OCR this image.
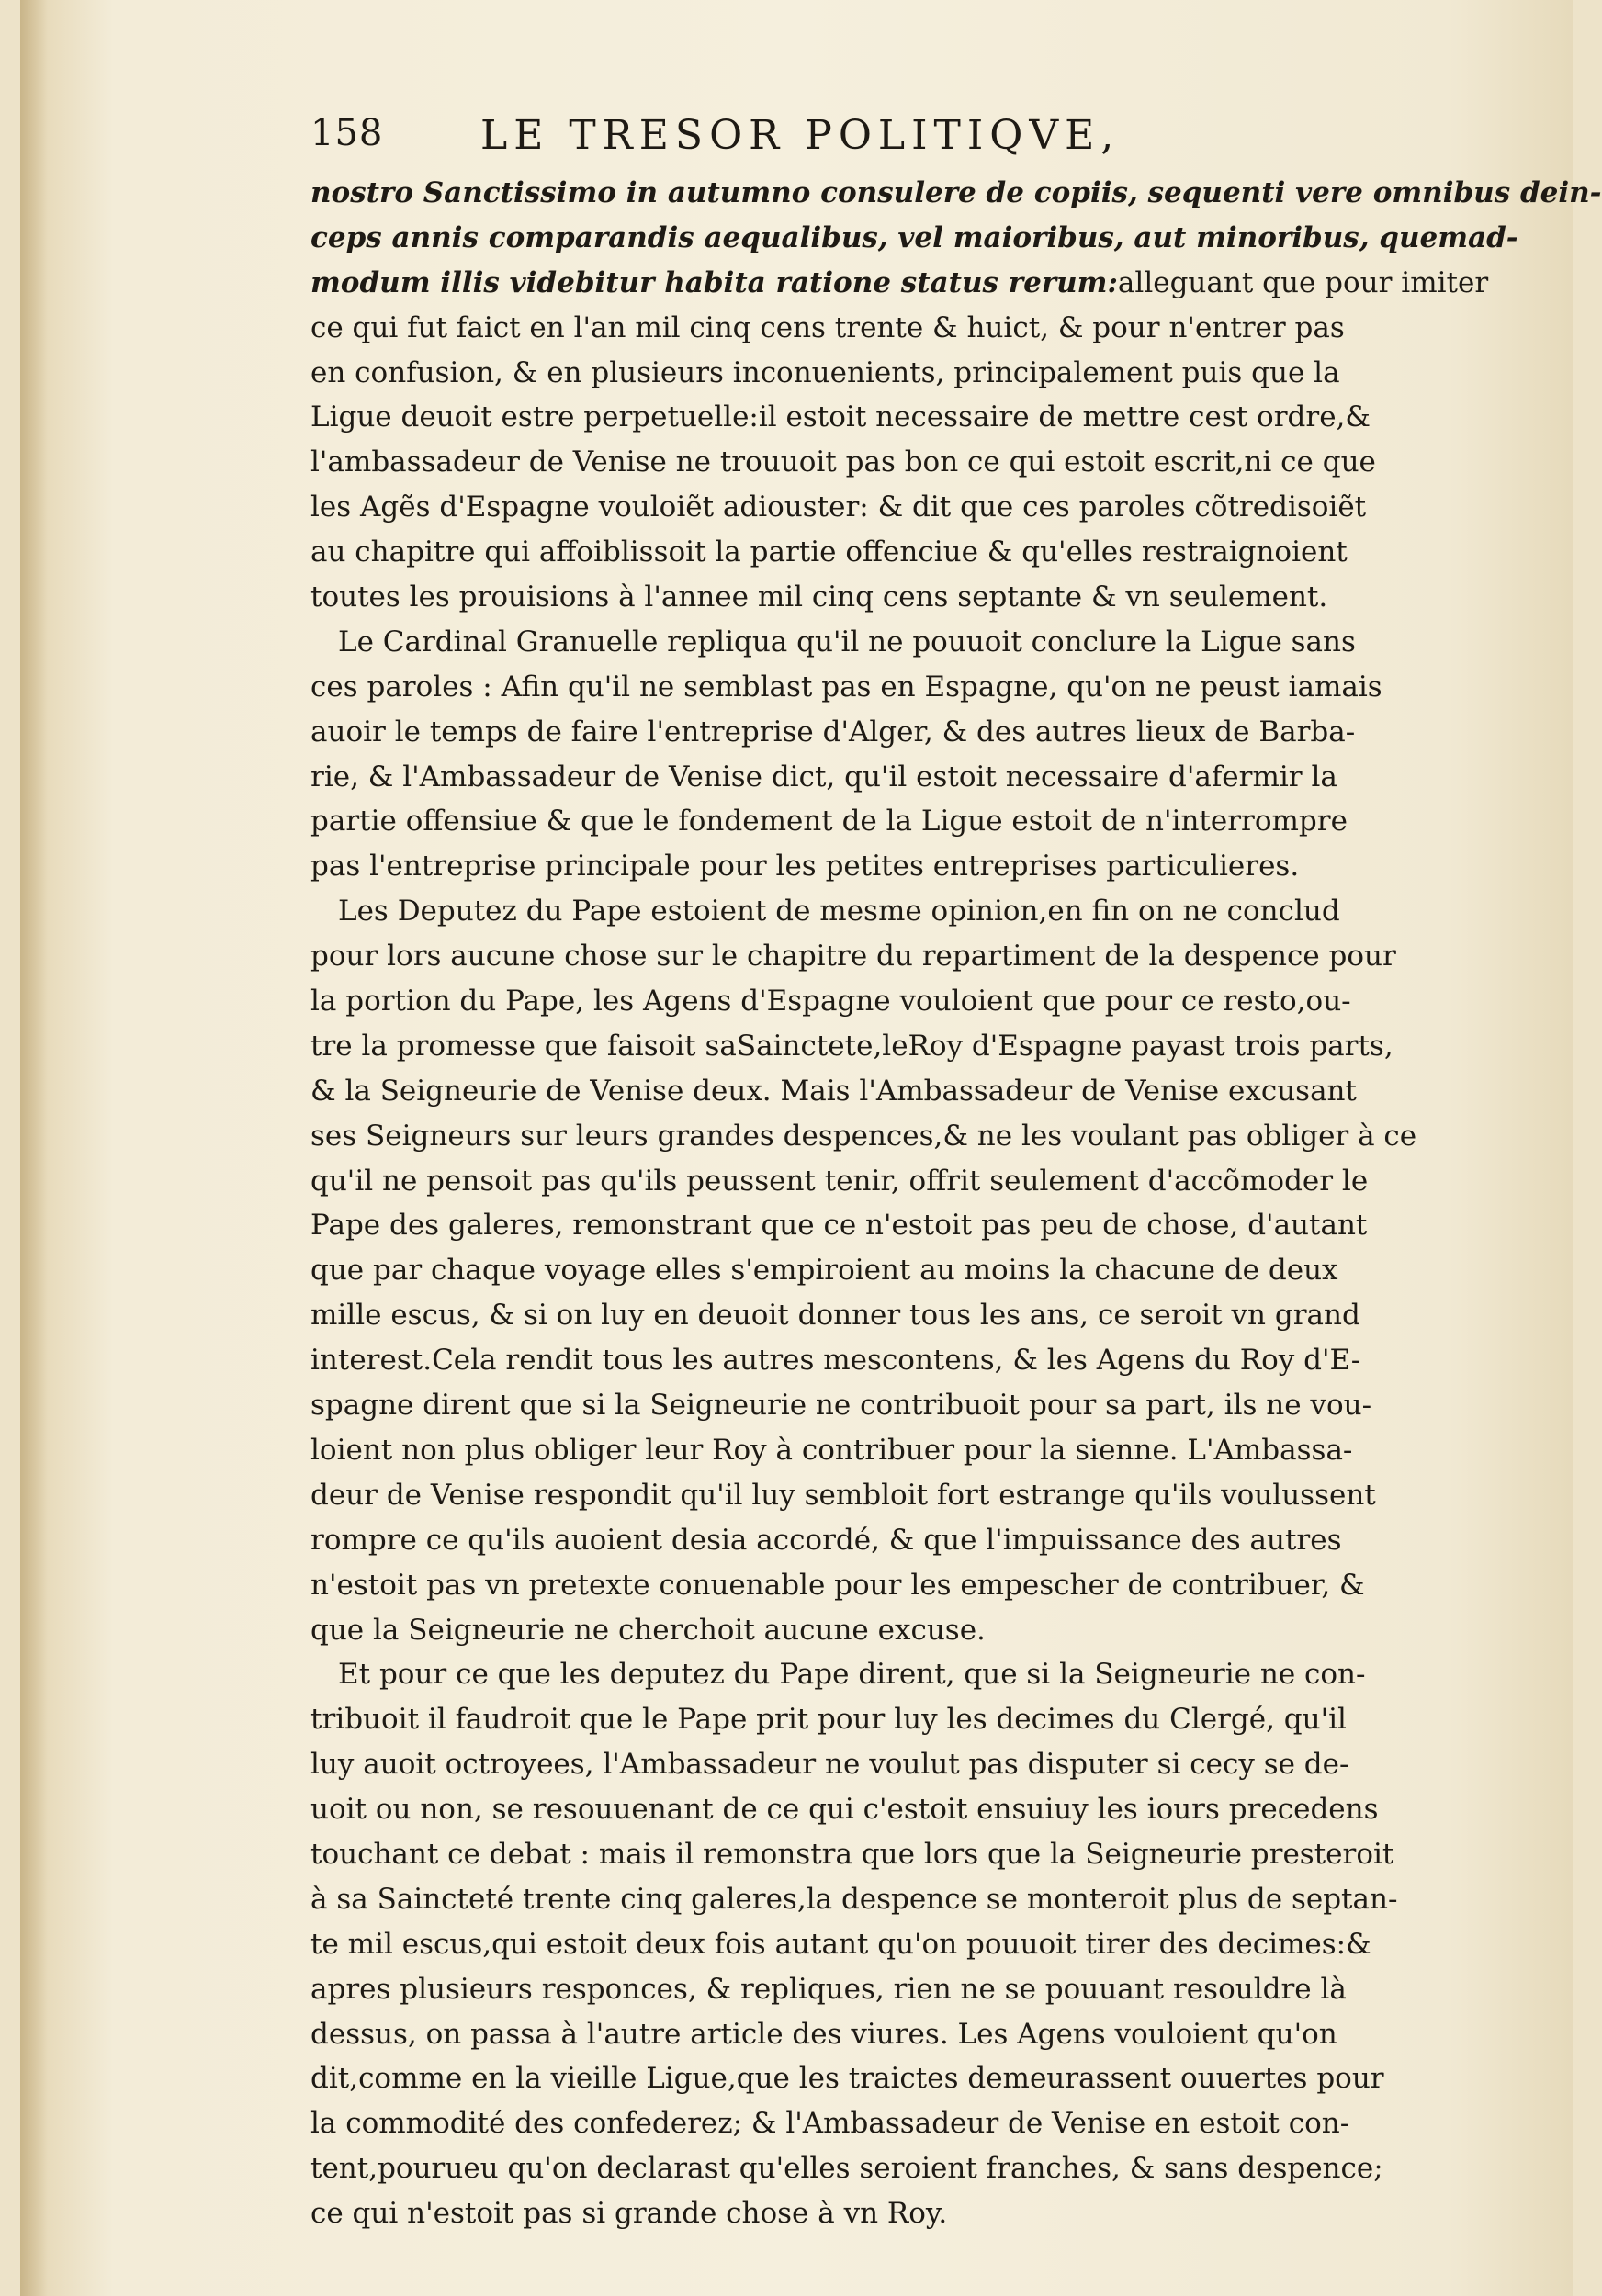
158 LE TRESOR POLITIQVE,
nostro Sanctissimo in autumno consulere de copiis, sequenti vere omnibus dein-
ceps annis comparandis aequalibus, vel maioribus, aut minoribus, quemad-
modum illis videbitur habita ratione status rerum:alleguant que pour imiter
ce qui fut faict en l'an mil cinq cens trente & huict, & pour n'entrer pas
en confusion, & en plusieurs inconuenients, principalement puis que la
Ligue deuoit estre perpetuelle:il estoit necessaire de mettre cest ordre,&
l'ambassadeur de Venise ne trouuoit pas bon ce qui estoit escrit,ni ce que
les Agẽs d'Espagne vouloiẽt adiouster: & dit que ces paroles cõtredisoiẽt
au chapitre qui affoiblissoit la partie offenciue & qu'elles restraignoient
toutes les prouisions à l'annee mil cinq cens septante & vn seulement.
Le Cardinal Granuelle repliqua qu'il ne pouuoit conclure la Ligue sans
ces paroles : Afin qu'il ne semblast pas en Espagne, qu'on ne peust iamais
auoir le temps de faire l'entreprise d'Alger, & des autres lieux de Barba-
rie, & l'Ambassadeur de Venise dict, qu'il estoit necessaire d'afermir la
partie offensiue & que le fondement de la Ligue estoit de n'interrompre
pas l'entreprise principale pour les petites entreprises particulieres.
Les Deputez du Pape estoient de mesme opinion,en fin on ne conclud
pour lors aucune chose sur le chapitre du repartiment de la despence pour
la portion du Pape, les Agens d'Espagne vouloient que pour ce resto,ou-
tre la promesse que faisoit saSainctete,leRoy d'Espagne payast trois parts,
& la Seigneurie de Venise deux. Mais l'Ambassadeur de Venise excusant
ses Seigneurs sur leurs grandes despences,& ne les voulant pas obliger à ce
qu'il ne pensoit pas qu'ils peussent tenir, offrit seulement d'accõmoder le
Pape des galeres, remonstrant que ce n'estoit pas peu de chose, d'autant
que par chaque voyage elles s'empiroient au moins la chacune de deux
mille escus, & si on luy en deuoit donner tous les ans, ce seroit vn grand
interest.Cela rendit tous les autres mescontens, & les Agens du Roy d'E-
spagne dirent que si la Seigneurie ne contribuoit pour sa part, ils ne vou-
loient non plus obliger leur Roy à contribuer pour la sienne. L'Ambassa-
deur de Venise respondit qu'il luy sembloit fort estrange qu'ils voulussent
rompre ce qu'ils auoient desia accordé, & que l'impuissance des autres
n'estoit pas vn pretexte conuenable pour les empescher de contribuer, &
que la Seigneurie ne cherchoit aucune excuse.
Et pour ce que les deputez du Pape dirent, que si la Seigneurie ne con-
tribuoit il faudroit que le Pape prit pour luy les decimes du Clergé, qu'il
luy auoit octroyees, l'Ambassadeur ne voulut pas disputer si cecy se de-
uoit ou non, se resouuenant de ce qui c'estoit ensuiuy les iours precedens
touchant ce debat : mais il remonstra que lors que la Seigneurie presteroit
à sa Saincteté trente cinq galeres,la despence se monteroit plus de septan-
te mil escus,qui estoit deux fois autant qu'on pouuoit tirer des decimes:&
apres plusieurs responces, & repliques, rien ne se pouuant resouldre là
dessus, on passa à l'autre article des viures. Les Agens vouloient qu'on
dit,comme en la vieille Ligue,que les traictes demeurassent ouuertes pour
la commodité des confederez; & l'Ambassadeur de Venise en estoit con-
tent,pourueu qu'on declarast qu'elles seroient franches, & sans despence;
ce qui n'estoit pas si grande chose à vn Roy.
